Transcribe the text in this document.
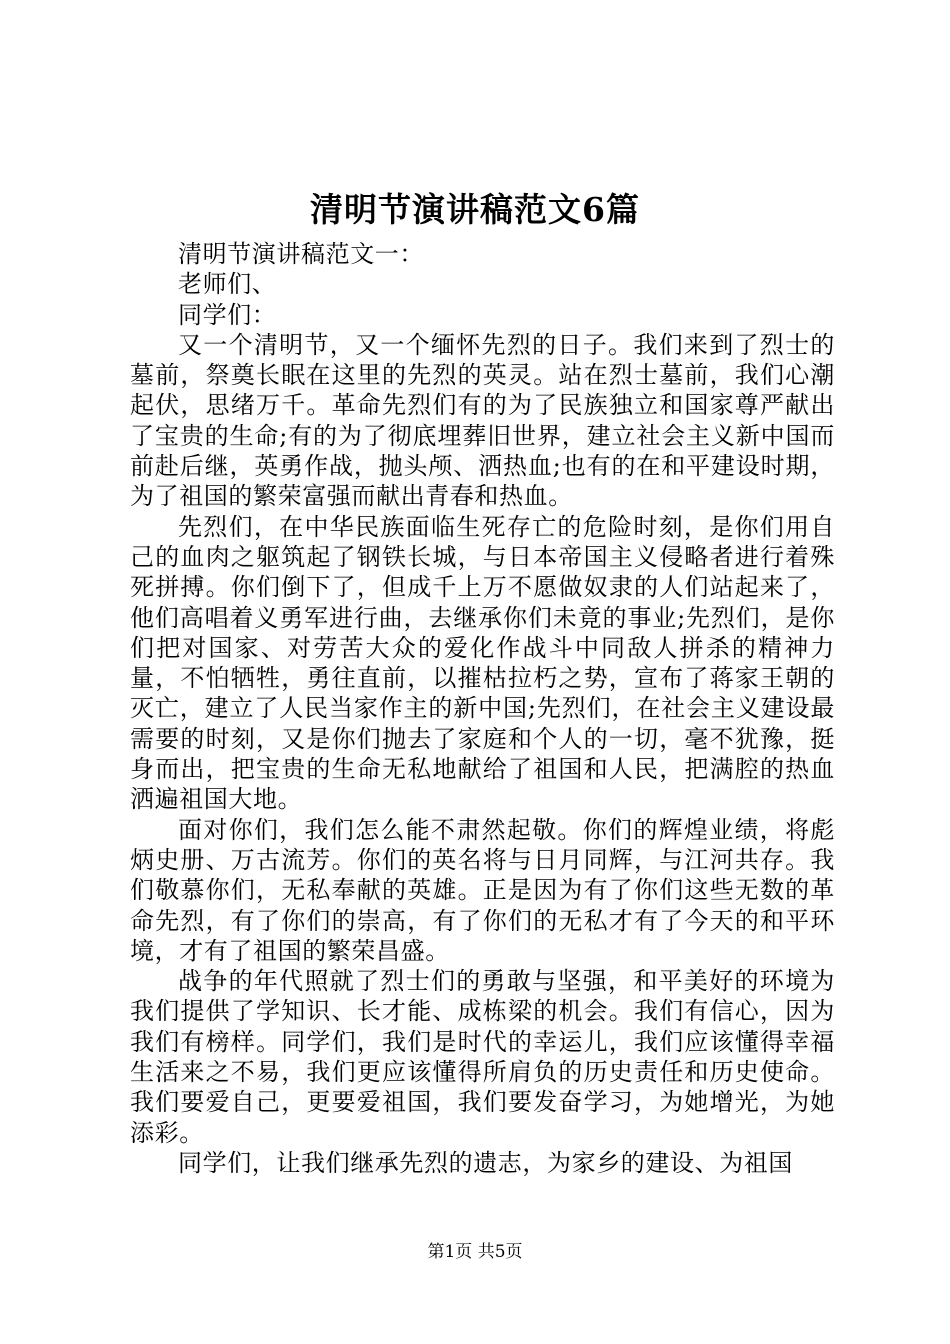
清明节演讲稿范文6篇

清明节演讲稿范文一：

老师们、

同学们：

又一个清明节，又一个缅怀先烈的日子。我们来到了烈士的墓前，祭奠长眠在这里的先烈的英灵。站在烈士墓前，我们心潮起伏，思绪万千。革命先烈们有的为了民族独立和国家尊严献出了宝贵的生命;有的为了彻底埋葬旧世界，建立社会主义新中国而前赴后继，英勇作战，抛头颅、洒热血;也有的在和平建设时期，为了祖国的繁荣富强而献出青春和热血。

先烈们，在中华民族面临生死存亡的危险时刻，是你们用自己的血肉之躯筑起了钢铁长城，与日本帝国主义侵略者进行着殊死拼搏。你们倒下了，但成千上万不愿做奴隶的人们站起来了，他们高唱着义勇军进行曲，去继承你们未竟的事业;先烈们，是你们把对国家、对劳苦大众的爱化作战斗中同敌人拼杀的精神力量，不怕牺牲，勇往直前，以摧枯拉朽之势，宣布了蒋家王朝的灭亡，建立了人民当家作主的新中国;先烈们，在社会主义建设最需要的时刻，又是你们抛去了家庭和个人的一切，毫不犹豫，挺身而出，把宝贵的生命无私地献给了祖国和人民，把满腔的热血洒遍祖国大地。

面对你们，我们怎么能不肃然起敬。你们的辉煌业绩，将彪炳史册、万古流芳。你们的英名将与日月同辉，与江河共存。我们敬慕你们，无私奉献的英雄。正是因为有了你们这些无数的革命先烈，有了你们的崇高，有了你们的无私才有了今天的和平环境，才有了祖国的繁荣昌盛。

战争的年代照就了烈士们的勇敢与坚强，和平美好的环境为我们提供了学知识、长才能、成栋梁的机会。我们有信心，因为我们有榜样。同学们，我们是时代的幸运儿，我们应该懂得幸福生活来之不易，我们更应该懂得所肩负的历史责任和历史使命。我们要爱自己，更要爱祖国，我们要发奋学习，为她增光，为她添彩。

同学们，让我们继承先烈的遗志，为家乡的建设、为祖国

第1页 共5页
